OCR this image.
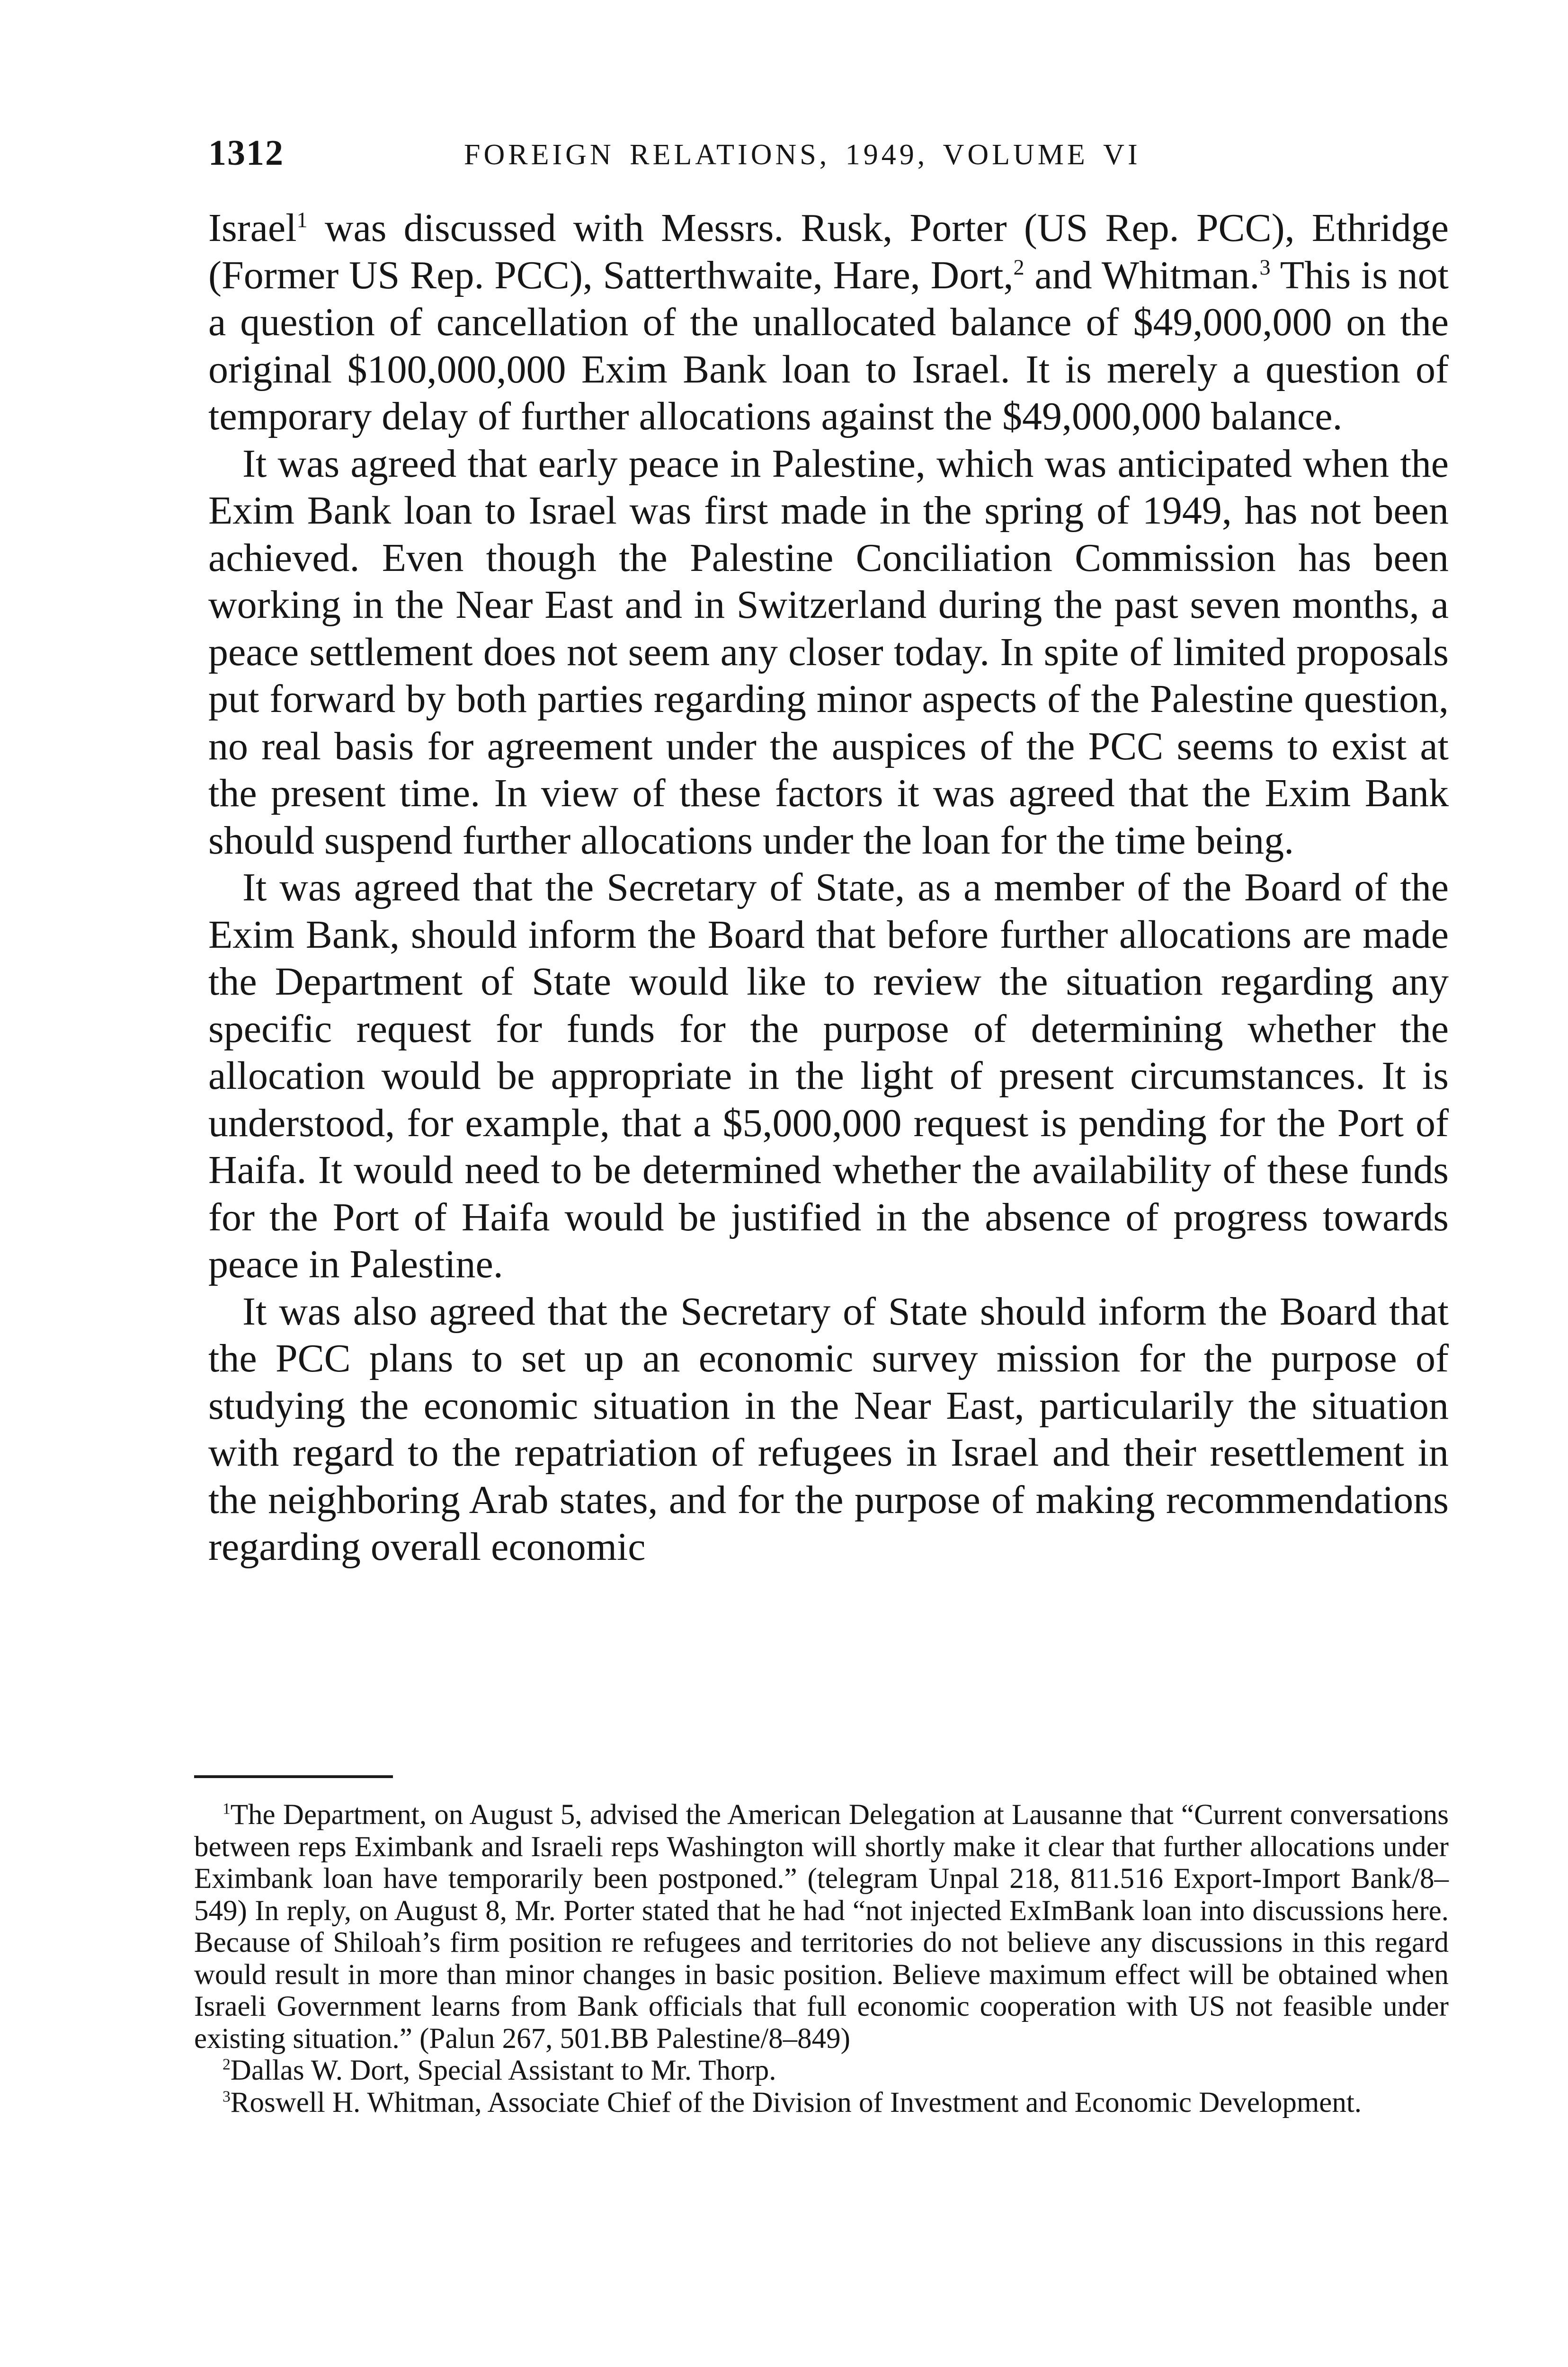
1312	FOREIGN RELATIONS, 1949, VOLUME VI

Israel$^1$ was discussed with Messrs. Rusk, Porter (US Rep. PCC), Ethridge (Former US Rep. PCC), Satterthwaite, Hare, Dort,$^2$ and Whitman.$^3$ This is not a question of cancellation of the unallocated balance of $49,000,000 on the original $100,000,000 Exim Bank loan to Israel. It is merely a question of temporary delay of further allocations against the $49,000,000 balance.

It was agreed that early peace in Palestine, which was anticipated when the Exim Bank loan to Israel was first made in the spring of 1949, has not been achieved. Even though the Palestine Conciliation Commission has been working in the Near East and in Switzerland during the past seven months, a peace settlement does not seem any closer today. In spite of limited proposals put forward by both parties regarding minor aspects of the Palestine question, no real basis for agreement under the auspices of the PCC seems to exist at the present time. In view of these factors it was agreed that the Exim Bank should suspend further allocations under the loan for the time being.

It was agreed that the Secretary of State, as a member of the Board of the Exim Bank, should inform the Board that before further allocations are made the Department of State would like to review the situation regarding any specific request for funds for the purpose of determining whether the allocation would be appropriate in the light of present circumstances. It is understood, for example, that a $5,000,000 request is pending for the Port of Haifa. It would need to be determined whether the availability of these funds for the Port of Haifa would be justified in the absence of progress towards peace in Palestine.

It was also agreed that the Secretary of State should inform the Board that the PCC plans to set up an economic survey mission for the purpose of studying the economic situation in the Near East, particularily the situation with regard to the repatriation of refugees in Israel and their resettlement in the neighboring Arab states, and for the purpose of making recommendations regarding overall economic

$^1$The Department, on August 5, advised the American Delegation at Lausanne that “Current conversations between reps Eximbank and Israeli reps Washington will shortly make it clear that further allocations under Eximbank loan have temporarily been postponed.” (telegram Unpal 218, 811.516 Export-Import Bank/8–549) In reply, on August 8, Mr. Porter stated that he had “not injected ExImBank loan into discussions here. Because of Shiloah’s firm position re refugees and territories do not believe any discussions in this regard would result in more than minor changes in basic position. Believe maximum effect will be obtained when Israeli Government learns from Bank officials that full economic cooperation with US not feasible under existing situation.” (Palun 267, 501.BB Palestine/8–849)

$^2$Dallas W. Dort, Special Assistant to Mr. Thorp.

$^3$Roswell H. Whitman, Associate Chief of the Division of Investment and Economic Development.
